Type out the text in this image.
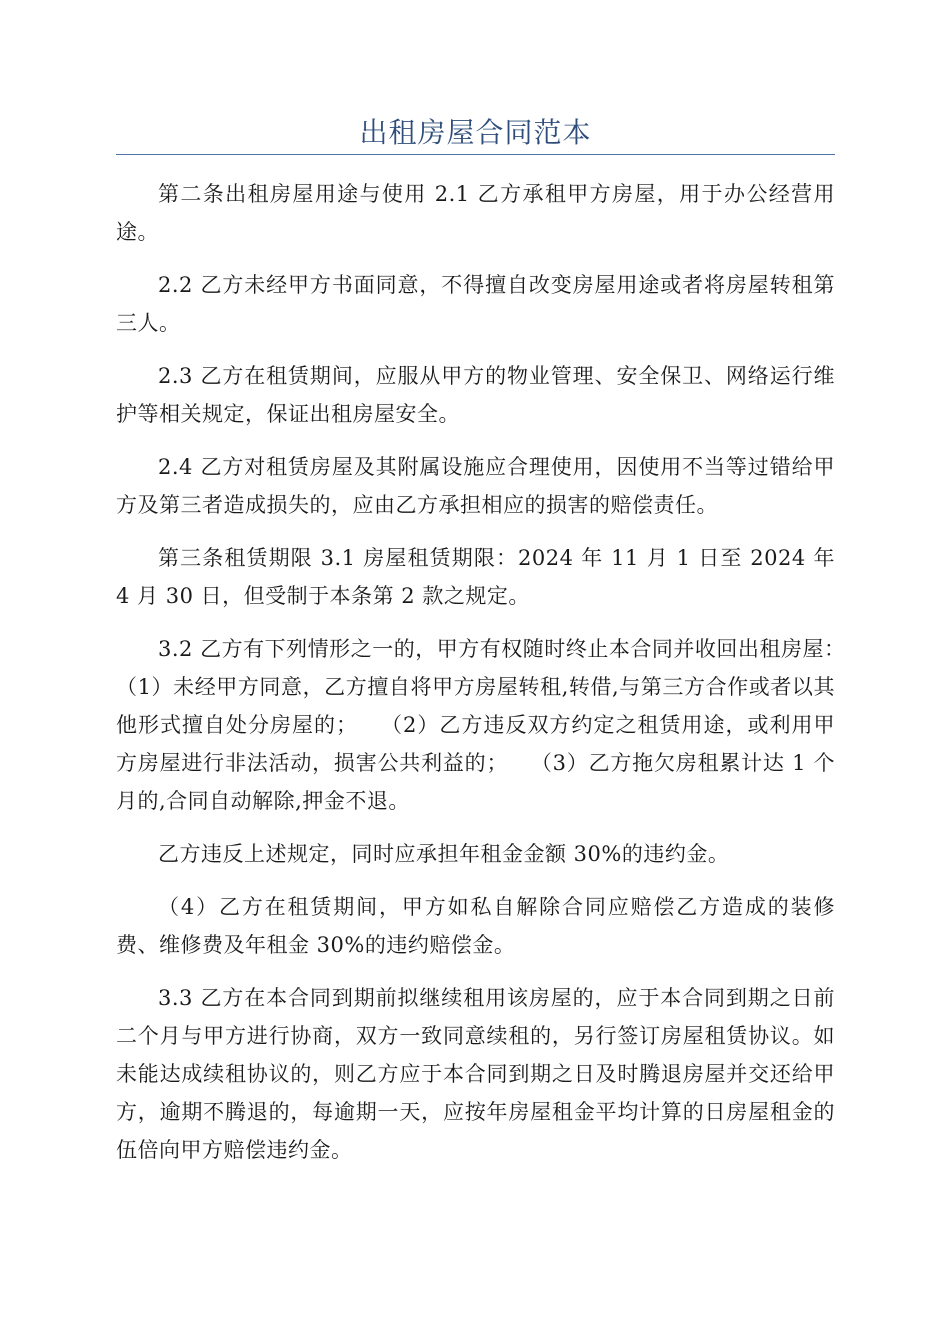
出租房屋合同范本

第二条出租房屋用途与使用 2.1 乙方承租甲方房屋，用于办公经营用途。

2.2 乙方未经甲方书面同意，不得擅自改变房屋用途或者将房屋转租第三人。

2.3 乙方在租赁期间，应服从甲方的物业管理、安全保卫、网络运行维护等相关规定，保证出租房屋安全。

2.4 乙方对租赁房屋及其附属设施应合理使用，因使用不当等过错给甲方及第三者造成损失的，应由乙方承担相应的损害的赔偿责任。

第三条租赁期限 3.1 房屋租赁期限：2024 年 11 月 1 日至 2024 年 4 月 30 日，但受制于本条第 2 款之规定。

3.2 乙方有下列情形之一的，甲方有权随时终止本合同并收回出租房屋：　（1）未经甲方同意，乙方擅自将甲方房屋转租,转借,与第三方合作或者以其他形式擅自处分房屋的；　　（2）乙方违反双方约定之租赁用途，或利用甲方房屋进行非法活动，损害公共利益的；　　（3）乙方拖欠房租累计达 1 个月的,合同自动解除,押金不退。

乙方违反上述规定，同时应承担年租金金额 30%的违约金。

（4）乙方在租赁期间，甲方如私自解除合同应赔偿乙方造成的装修费、维修费及年租金 30%的违约赔偿金。

3.3 乙方在本合同到期前拟继续租用该房屋的，应于本合同到期之日前二个月与甲方进行协商，双方一致同意续租的，另行签订房屋租赁协议。如未能达成续租协议的，则乙方应于本合同到期之日及时腾退房屋并交还给甲方，逾期不腾退的，每逾期一天，应按年房屋租金平均计算的日房屋租金的伍倍向甲方赔偿违约金。
